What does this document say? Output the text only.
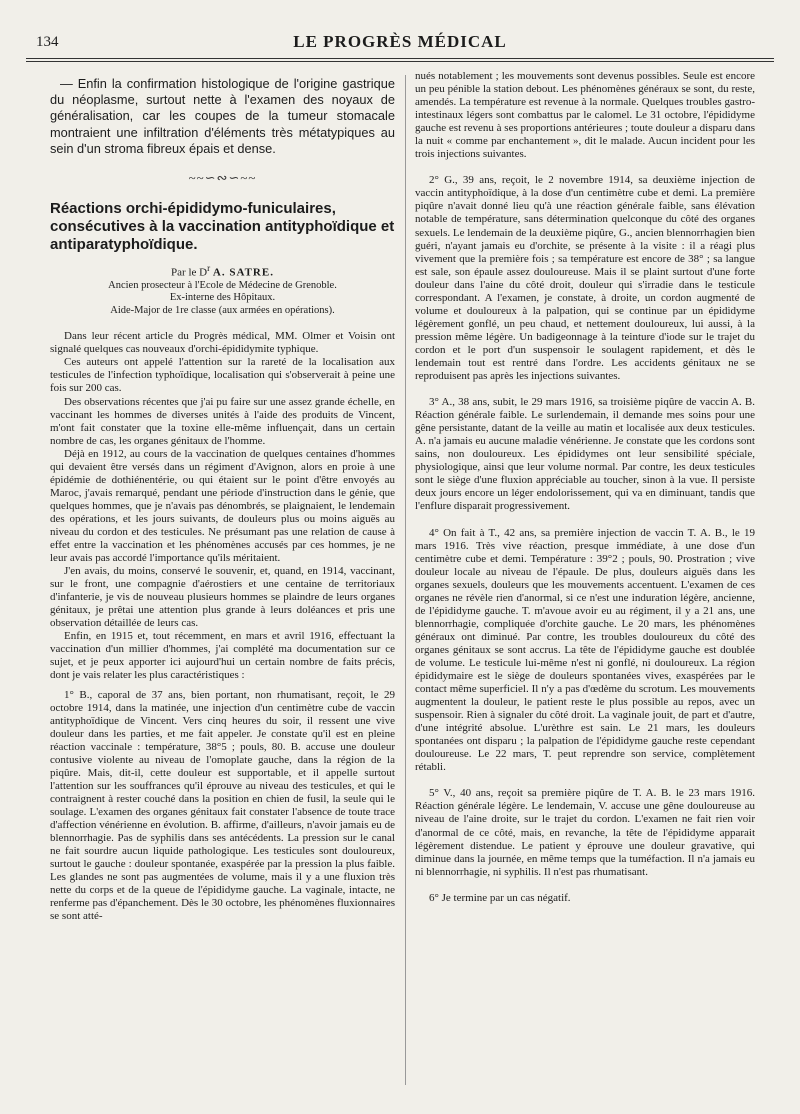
134	LE PROGRÈS MÉDICAL

— Enfin la confirmation histologique de l'origine gastrique du néoplasme, surtout nette à l'examen des noyaux de généralisation, car les coupes de la tumeur stomacale montraient une infiltration d'éléments très métatypiques au sein d'un stroma fibreux épais et dense.

~~∽∾∽~~
Réactions orchi-épididymo-funiculaires, consécutives à la vaccination antityphoïdique et antiparatyphoïdique.
Par le $D^r$ A. SATRE.
Ancien prosecteur à l'Ecole de Médecine de Grenoble.
Ex-interne des Hôpitaux.
Aide-Major de 1re classe (aux armées en opérations).

Dans leur récent article du Progrès médical, MM. Olmer et Voisin ont signalé quelques cas nouveaux d'orchi-épididymite typhique.

Ces auteurs ont appelé l'attention sur la rareté de la localisation aux testicules de l'infection typhoïdique, localisation qui s'observerait à peine une fois sur 200 cas.

Des observations récentes que j'ai pu faire sur une assez grande échelle, en vaccinant les hommes de diverses unités à l'aide des produits de Vincent, m'ont fait constater que la toxine elle-même influençait, dans un certain nombre de cas, les organes génitaux de l'homme.

Déjà en 1912, au cours de la vaccination de quelques centaines d'hommes qui devaient être versés dans un régiment d'Avignon, alors en proie à une épidémie de dothiénentérie, ou qui étaient sur le point d'être envoyés au Maroc, j'avais remarqué, pendant une période d'instruction dans le génie, que quelques hommes, que je n'avais pas dénombrés, se plaignaient, le lendemain des opérations, et les jours suivants, de douleurs plus ou moins aiguës au niveau du cordon et des testicules. Ne présumant pas une relation de cause à effet entre la vaccination et les phénomènes accusés par ces hommes, je ne leur avais pas accordé l'importance qu'ils méritaient.

J'en avais, du moins, conservé le souvenir, et, quand, en 1914, vaccinant, sur le front, une compagnie d'aérostiers et une centaine de territoriaux d'infanterie, je vis de nouveau plusieurs hommes se plaindre de leurs organes génitaux, je prêtai une attention plus grande à leurs doléances et pris une observation détaillée de leurs cas.

Enfin, en 1915 et, tout récemment, en mars et avril 1916, effectuant la vaccination d'un millier d'hommes, j'ai complété ma documentation sur ce sujet, et je peux apporter ici aujourd'hui un certain nombre de faits précis, dont je vais relater les plus caractéristiques :

1° B., caporal de 37 ans, bien portant, non rhumatisant, reçoit, le 29 octobre 1914, dans la matinée, une injection d'un centimètre cube de vaccin antityphoïdique de Vincent. Vers cinq heures du soir, il ressent une vive douleur dans les parties, et me fait appeler. Je constate qu'il est en pleine réaction vaccinale : température, 38°5 ; pouls, 80. B. accuse une douleur contusive violente au niveau de l'omoplate gauche, dans la région de la piqûre. Mais, dit-il, cette douleur est supportable, et il appelle surtout l'attention sur les souffrances qu'il éprouve au niveau des testicules, et qui le contraignent à rester couché dans la position en chien de fusil, la seule qui le soulage. L'examen des organes génitaux fait constater l'absence de toute trace d'affection vénérienne en évolution. B. affirme, d'ailleurs, n'avoir jamais eu de blennorrhagie. Pas de syphilis dans ses antécédents. La pression sur le canal ne fait sourdre aucun liquide pathologique. Les testicules sont douloureux, surtout le gauche : douleur spontanée, exaspérée par la pression la plus faible. Les glandes ne sont pas augmentées de volume, mais il y a une fluxion très nette du corps et de la queue de l'épididyme gauche. La vaginale, intacte, ne renferme pas d'épanchement. Dès le 30 octobre, les phénomènes fluxionnaires se sont atté-

nués notablement ; les mouvements sont devenus possibles. Seule est encore un peu pénible la station debout. Les phénomènes généraux se sont, du reste, amendés. La température est revenue à la normale. Quelques troubles gastro-intestinaux légers sont combattus par le calomel. Le 31 octobre, l'épididyme gauche est revenu à ses proportions antérieures ; toute douleur a disparu dans la nuit « comme par enchantement », dit le malade. Aucun incident pour les trois injections suivantes.

2° G., 39 ans, reçoit, le 2 novembre 1914, sa deuxième injection de vaccin antityphoïdique, à la dose d'un centimètre cube et demi. La première piqûre n'avait donné lieu qu'à une réaction générale faible, sans élévation notable de température, sans détermination quelconque du côté des organes sexuels. Le lendemain de la deuxième piqûre, G., ancien blennorrhagien bien guéri, n'ayant jamais eu d'orchite, se présente à la visite : il a réagi plus vivement que la première fois ; sa température est encore de 38° ; sa langue est sale, son épaule assez douloureuse. Mais il se plaint surtout d'une forte douleur dans l'aine du côté droit, douleur qui s'irradie dans le testicule correspondant. A l'examen, je constate, à droite, un cordon augmenté de volume et douloureux à la palpation, qui se continue par un épididyme légèrement gonflé, un peu chaud, et nettement douloureux, lui aussi, à la pression même légère. Un badigeonnage à la teinture d'iode sur le trajet du cordon et le port d'un suspensoir le soulagent rapidement, et dès le lendemain tout est rentré dans l'ordre. Les accidents génitaux ne se reproduisent pas après les injections suivantes.

3° A., 38 ans, subit, le 29 mars 1916, sa troisième piqûre de vaccin A. B. Réaction générale faible. Le surlendemain, il demande mes soins pour une gêne persistante, datant de la veille au matin et localisée aux deux testicules. A. n'a jamais eu aucune maladie vénérienne. Je constate que les cordons sont sains, non douloureux. Les épididymes ont leur sensibilité spéciale, physiologique, ainsi que leur volume normal. Par contre, les deux testicules sont le siège d'une fluxion appréciable au toucher, sinon à la vue. Il persiste deux jours encore un léger endolorissement, qui va en diminuant, tandis que l'enflure disparait progressivement.

4° On fait à T., 42 ans, sa première injection de vaccin T. A. B., le 19 mars 1916. Très vive réaction, presque immédiate, à une dose d'un centimètre cube et demi. Température : 39°2 ; pouls, 90. Prostration ; vive douleur locale au niveau de l'épaule. De plus, douleurs aiguës dans les organes sexuels, douleurs que les mouvements accentuent. L'examen de ces organes ne révèle rien d'anormal, si ce n'est une induration légère, ancienne, de l'épididyme gauche. T. m'avoue avoir eu au régiment, il y a 21 ans, une blennorrhagie, compliquée d'orchite gauche. Le 20 mars, les phénomènes généraux ont diminué. Par contre, les troubles douloureux du côté des organes génitaux se sont accrus. La tête de l'épididyme gauche est doublée de volume. Le testicule lui-même n'est ni gonflé, ni douloureux. La région épididymaire est le siège de douleurs spontanées vives, exaspérées par le contact même superficiel. Il n'y a pas d'œdème du scrotum. Les mouvements augmentent la douleur, le patient reste le plus possible au repos, avec un suspensoir. Rien à signaler du côté droit. La vaginale jouit, de part et d'autre, d'une intégrité absolue. L'urèthre est sain. Le 21 mars, les douleurs spontanées ont disparu ; la palpation de l'épididyme gauche reste cependant douloureuse. Le 22 mars, T. peut reprendre son service, complètement rétabli.

5° V., 40 ans, reçoit sa première piqûre de T. A. B. le 23 mars 1916. Réaction générale légère. Le lendemain, V. accuse une gêne douloureuse au niveau de l'aine droite, sur le trajet du cordon. L'examen ne fait rien voir d'anormal de ce côté, mais, en revanche, la tête de l'épididyme apparait légèrement distendue. Le patient y éprouve une douleur gravative, qui diminue dans la journée, en même temps que la tuméfaction. Il n'a jamais eu ni blennorrhagie, ni syphilis. Il n'est pas rhumatisant.

6° Je termine par un cas négatif.
